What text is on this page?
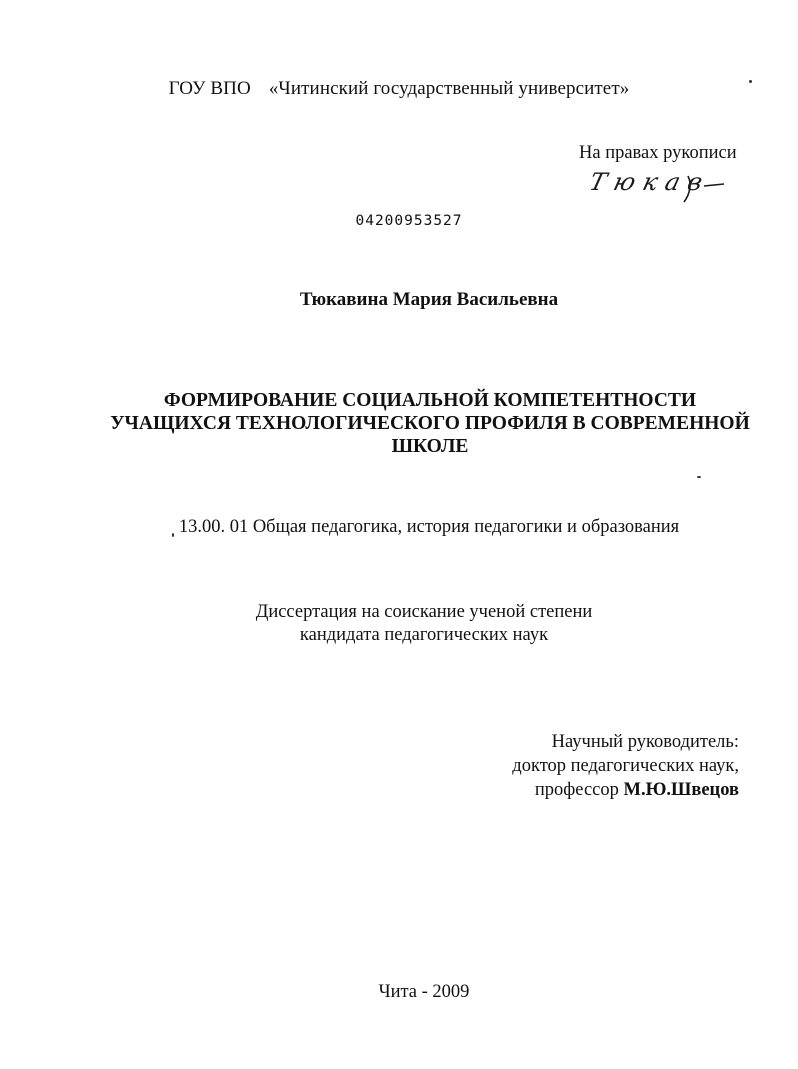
ГОУ ВПО «Читинский государственный университет»
На правах рукописи
Тюкав
04200953527
Тюкавина Мария Васильевна
ФОРМИРОВАНИЕ СОЦИАЛЬНОЙ КОМПЕТЕНТНОСТИ
УЧАЩИХСЯ ТЕХНОЛОГИЧЕСКОГО ПРОФИЛЯ В СОВРЕМЕННОЙ
ШКОЛЕ
13.00. 01 Общая педагогика, история педагогики и образования
Диссертация на соискание ученой степени
кандидата педагогических наук
Научный руководитель:
доктор педагогических наук,
профессор М.Ю.Швецов
Чита - 2009
